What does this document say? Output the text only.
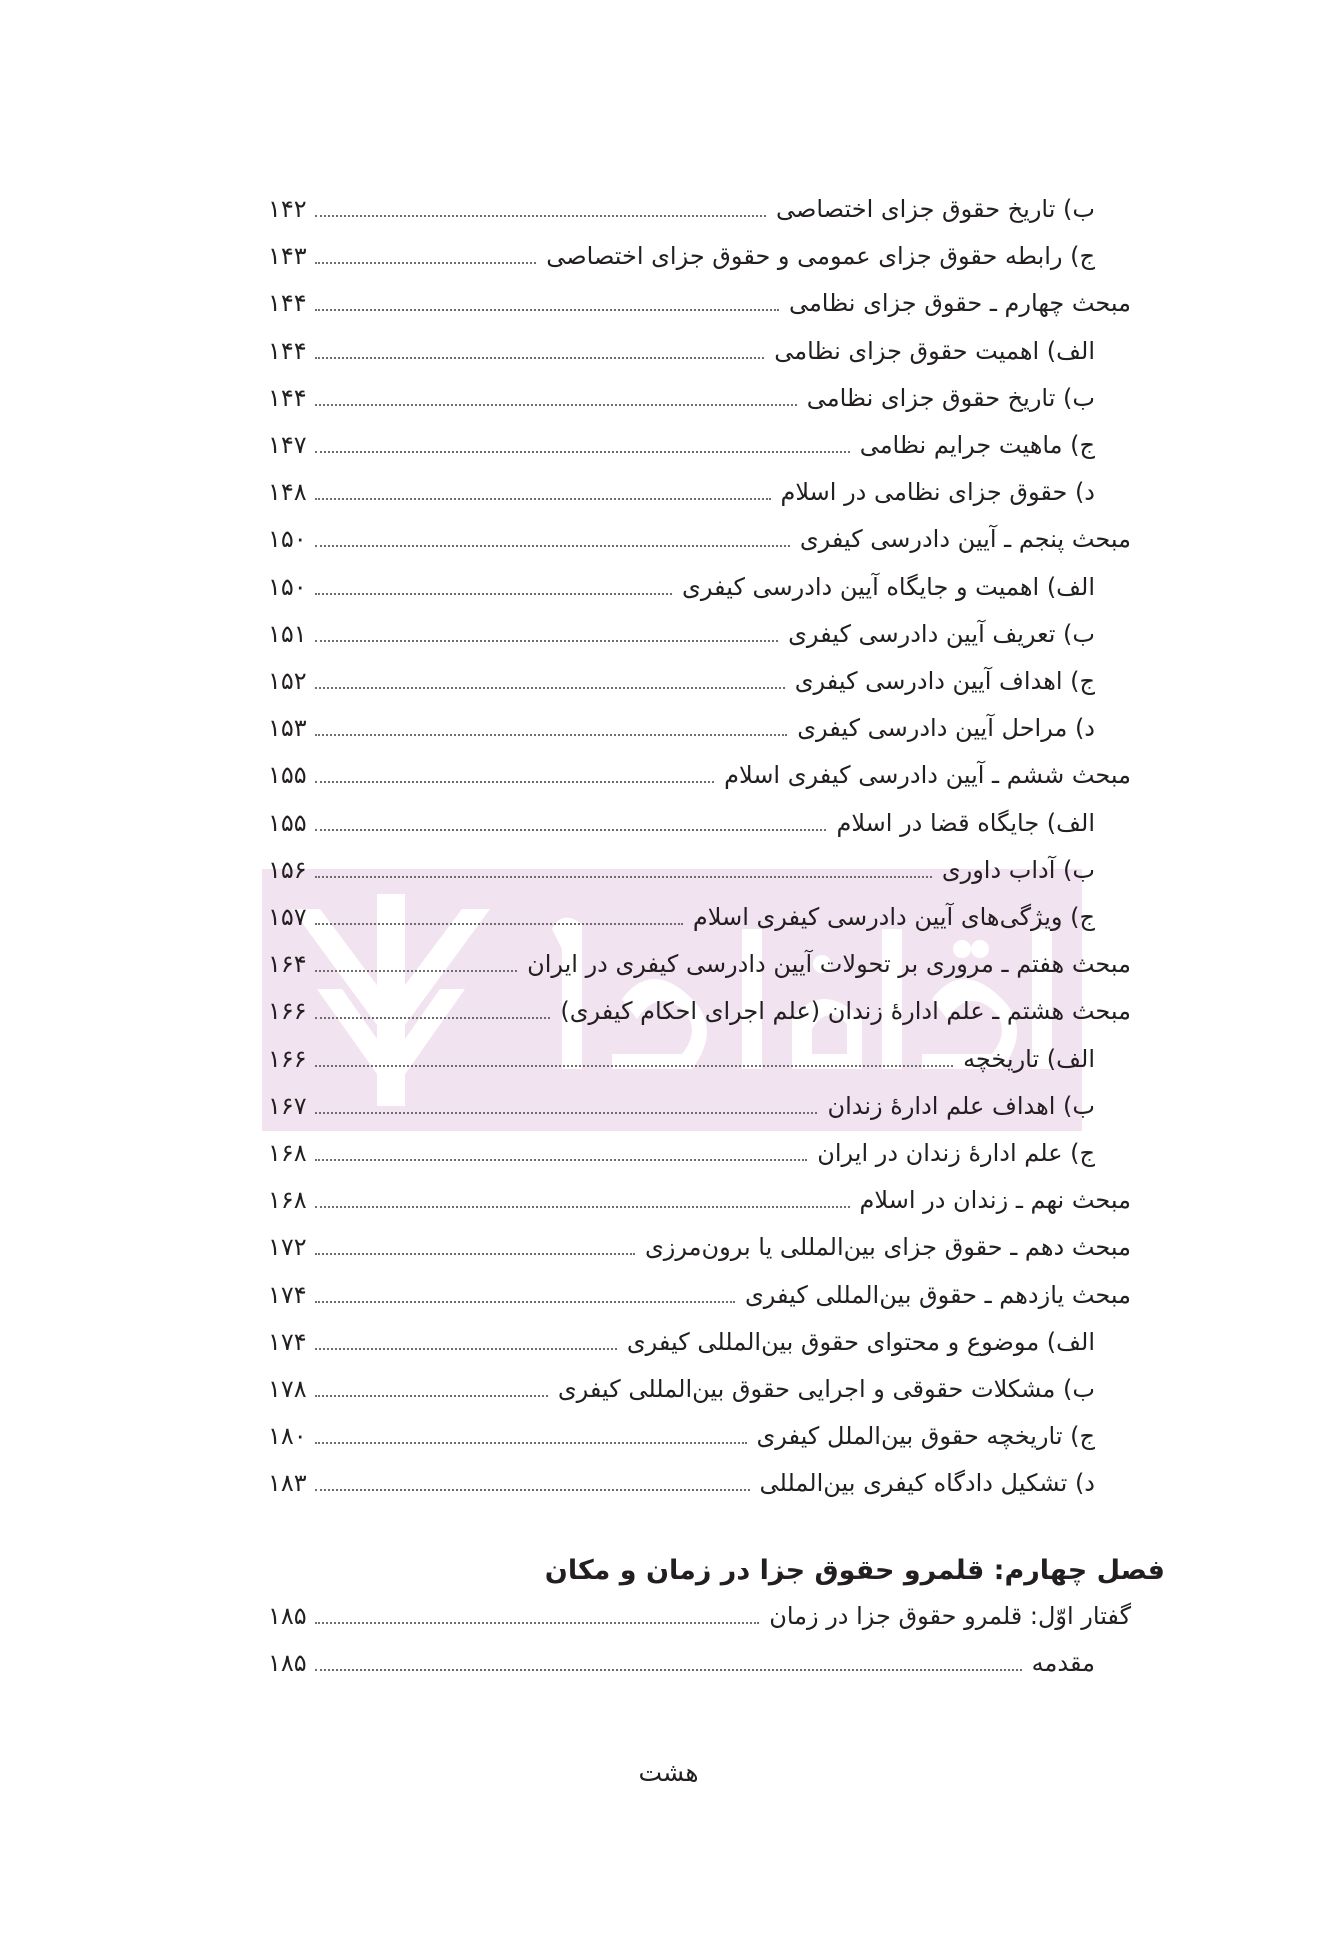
ب) تاریخ حقوق جزای اختصاصی
۱۴۲
ج) رابطه حقوق جزای عمومی و حقوق جزای اختصاصی
۱۴۳
مبحث چهارم ـ حقوق جزای نظامی
۱۴۴
الف) اهمیت حقوق جزای نظامی
۱۴۴
ب) تاریخ حقوق جزای نظامی
۱۴۴
ج) ماهیت جرایم نظامی
۱۴۷
د) حقوق جزای نظامی در اسلام
۱۴۸
مبحث پنجم ـ آیین دادرسی کیفری
۱۵۰
الف) اهمیت و جایگاه آیین دادرسی کیفری
۱۵۰
ب) تعریف آیین دادرسی کیفری
۱۵۱
ج) اهداف آیین دادرسی کیفری
۱۵۲
د) مراحل آیین دادرسی کیفری
۱۵۳
مبحث ششم ـ آیین دادرسی کیفری اسلام
۱۵۵
الف) جایگاه قضا در اسلام
۱۵۵
ب) آداب داوری
۱۵۶
ج) ویژگی‌های آیین دادرسی کیفری اسلام
۱۵۷
مبحث هفتم ـ مروری بر تحولات آیین دادرسی کیفری در ایران
۱۶۴
مبحث هشتم ـ علم ادارهٔ زندان (علم اجرای احکام کیفری)
۱۶۶
الف) تاریخچه
۱۶۶
ب) اهداف علم ادارهٔ زندان
۱۶۷
ج) علم ادارهٔ زندان در ایران
۱۶۸
مبحث نهم ـ زندان در اسلام
۱۶۸
مبحث دهم ـ حقوق جزای بین‌المللی یا برون‌مرزی
۱۷۲
مبحث یازدهم ـ حقوق بین‌المللی کیفری
۱۷۴
الف) موضوع و محتوای حقوق بین‌المللی کیفری
۱۷۴
ب) مشکلات حقوقی و اجرایی حقوق بین‌المللی کیفری
۱۷۸
ج) تاریخچه حقوق بین‌الملل کیفری
۱۸۰
د) تشکیل دادگاه کیفری بین‌المللی
۱۸۳
گفتار اوّل: قلمرو حقوق جزا در زمان
۱۸۵
مقدمه
۱۸۵
فصل چهارم: قلمرو حقوق جزا در زمان و مکان
هشت
